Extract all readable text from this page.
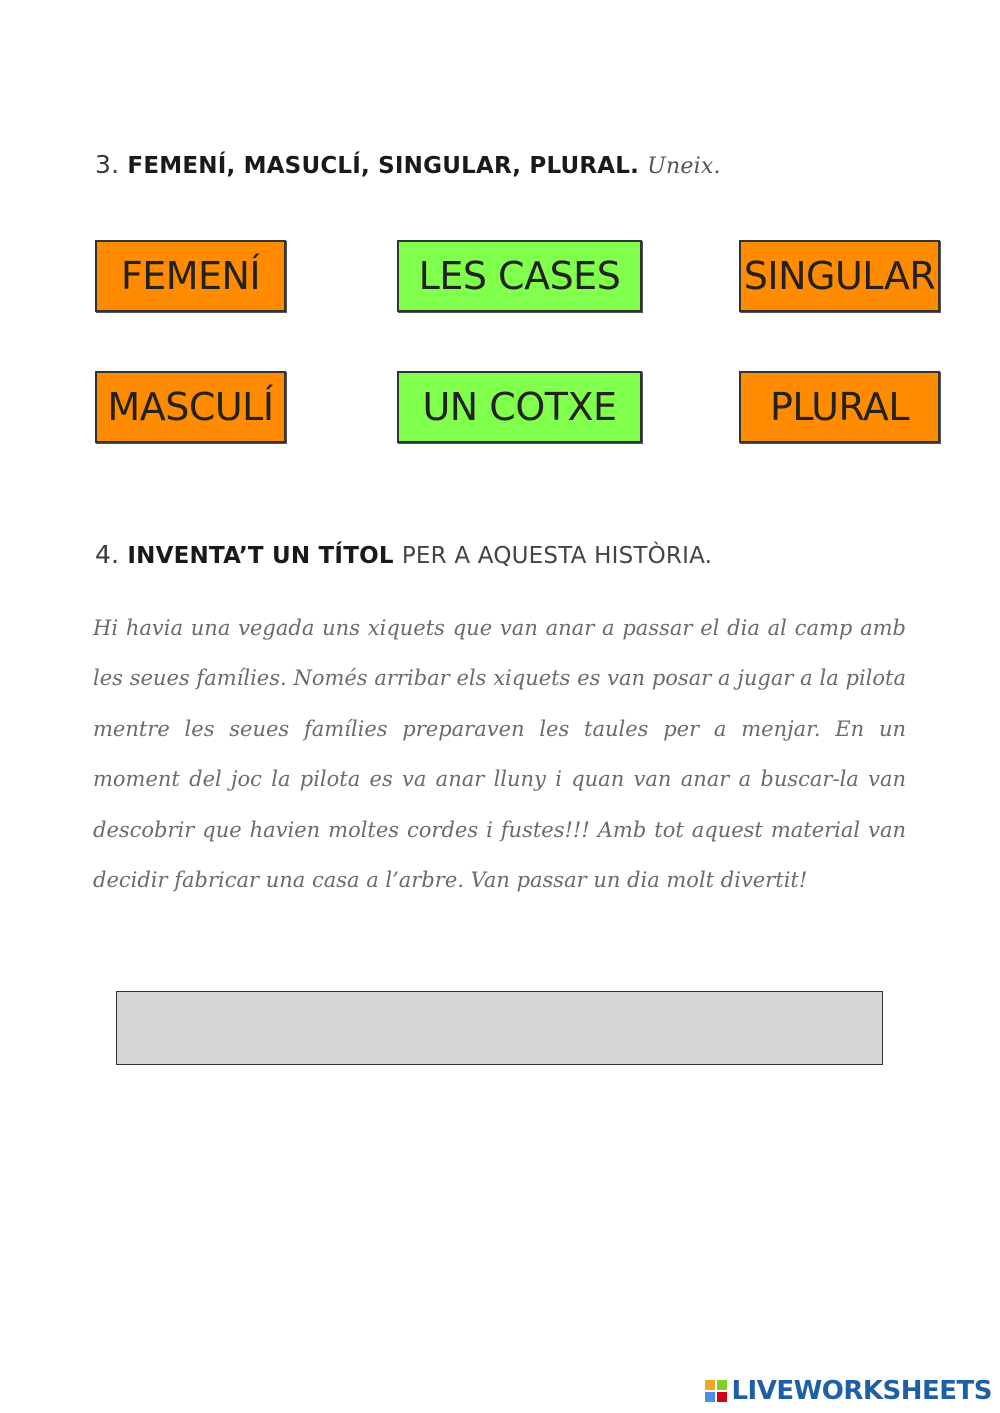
3. FEMENÍ, MASUCLÍ, SINGULAR, PLURAL. Uneix.
FEMENÍ	LES CASES	SINGULAR
MASCULÍ	UN COTXE	PLURAL
4. INVENTA’T UN TÍTOL PER A AQUESTA HISTÒRIA.
Hi havia una vegada uns xiquets que van anar a passar el dia al camp amb les seues famílies. Només arribar els xiquets es van posar a jugar a la pilota mentre les seues famílies preparaven les taules per a menjar. En un moment del joc la pilota es va anar lluny i quan van anar a buscar-la van descobrir que havien moltes cordes i fustes!!! Amb tot aquest material van decidir fabricar una casa a l’arbre. Van passar un dia molt divertit!
LIVEWORKSHEETS
